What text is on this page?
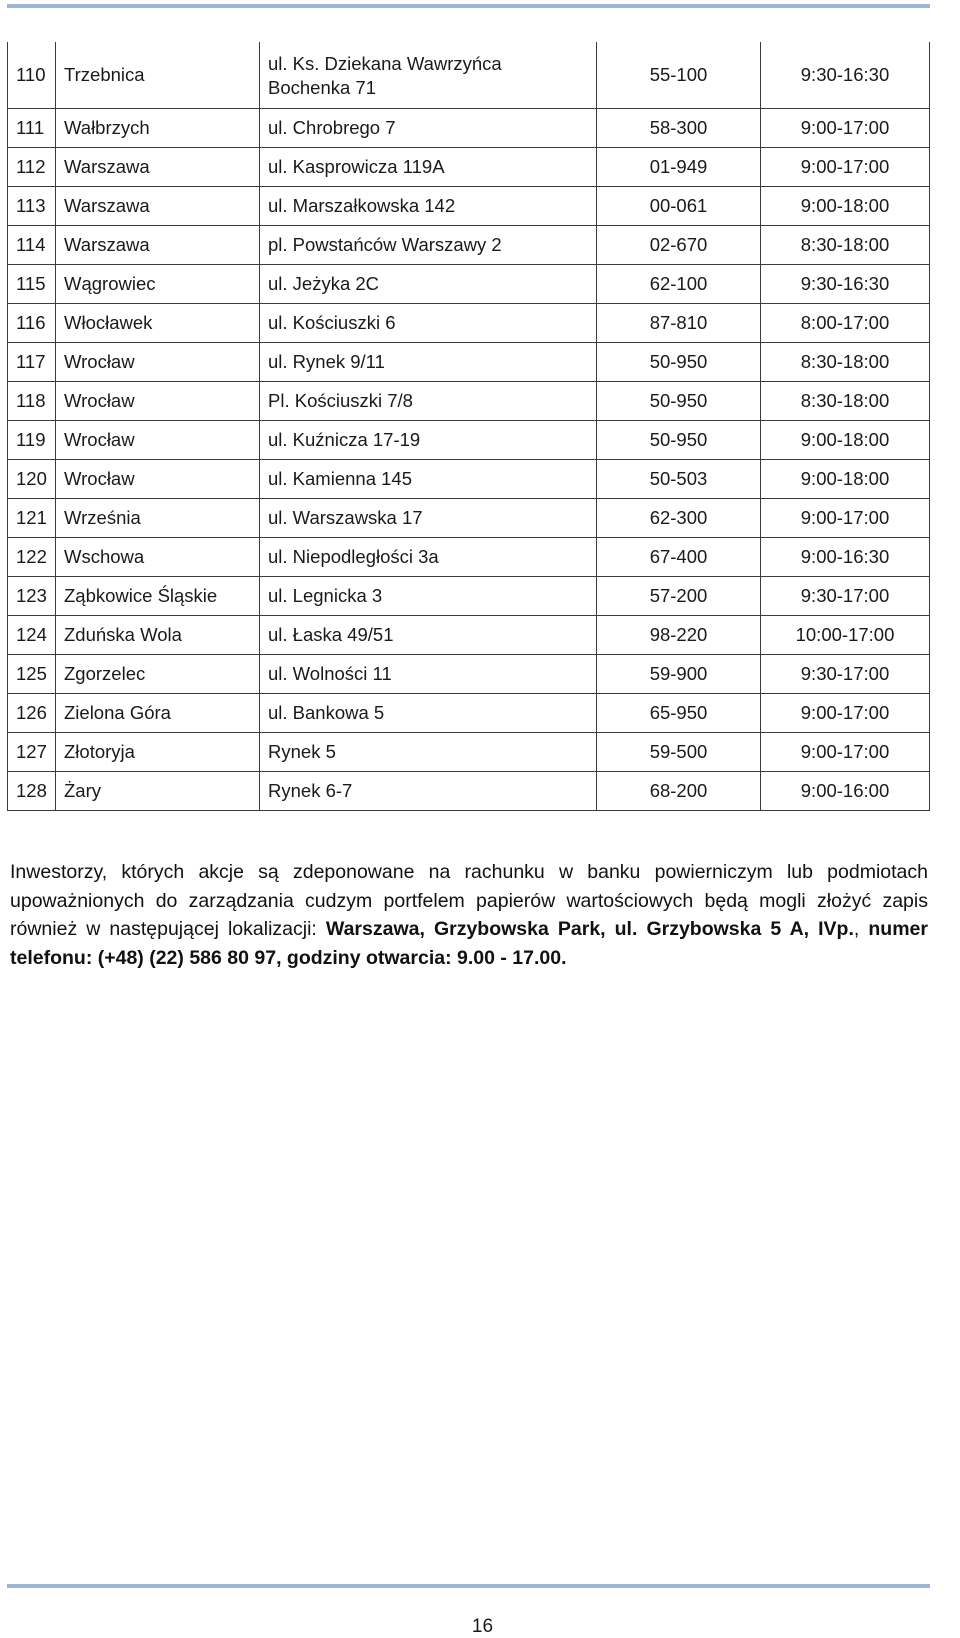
110	Trzebnica	ul. Ks. Dziekana Wawrzyńca Bochenka 71	55-100	9:30-16:30
111	Wałbrzych	ul. Chrobrego 7	58-300	9:00-17:00
112	Warszawa	ul. Kasprowicza 119A	01-949	9:00-17:00
113	Warszawa	ul. Marszałkowska 142	00-061	9:00-18:00
114	Warszawa	pl. Powstańców Warszawy 2	02-670	8:30-18:00
115	Wągrowiec	ul. Jeżyka 2C	62-100	9:30-16:30
116	Włocławek	ul. Kościuszki 6	87-810	8:00-17:00
117	Wrocław	ul. Rynek 9/11	50-950	8:30-18:00
118	Wrocław	Pl. Kościuszki 7/8	50-950	8:30-18:00
119	Wrocław	ul. Kuźnicza 17-19	50-950	9:00-18:00
120	Wrocław	ul. Kamienna 145	50-503	9:00-18:00
121	Września	ul. Warszawska 17	62-300	9:00-17:00
122	Wschowa	ul. Niepodległości 3a	67-400	9:00-16:30
123	Ząbkowice Śląskie	ul. Legnicka 3	57-200	9:30-17:00
124	Zduńska Wola	ul. Łaska 49/51	98-220	10:00-17:00
125	Zgorzelec	ul. Wolności 11	59-900	9:30-17:00
126	Zielona Góra	ul. Bankowa 5	65-950	9:00-17:00
127	Złotoryja	Rynek 5	59-500	9:00-17:00
128	Żary	Rynek 6-7	68-200	9:00-16:00
Inwestorzy, których akcje są zdeponowane na rachunku w banku powierniczym lub podmiotach upoważnionych do zarządzania cudzym portfelem papierów wartościowych będą mogli złożyć zapis również w następującej lokalizacji: Warszawa, Grzybowska Park, ul. Grzybowska 5 A, IVp., numer telefonu: (+48) (22) 586 80 97, godziny otwarcia: 9.00 - 17.00.
16
